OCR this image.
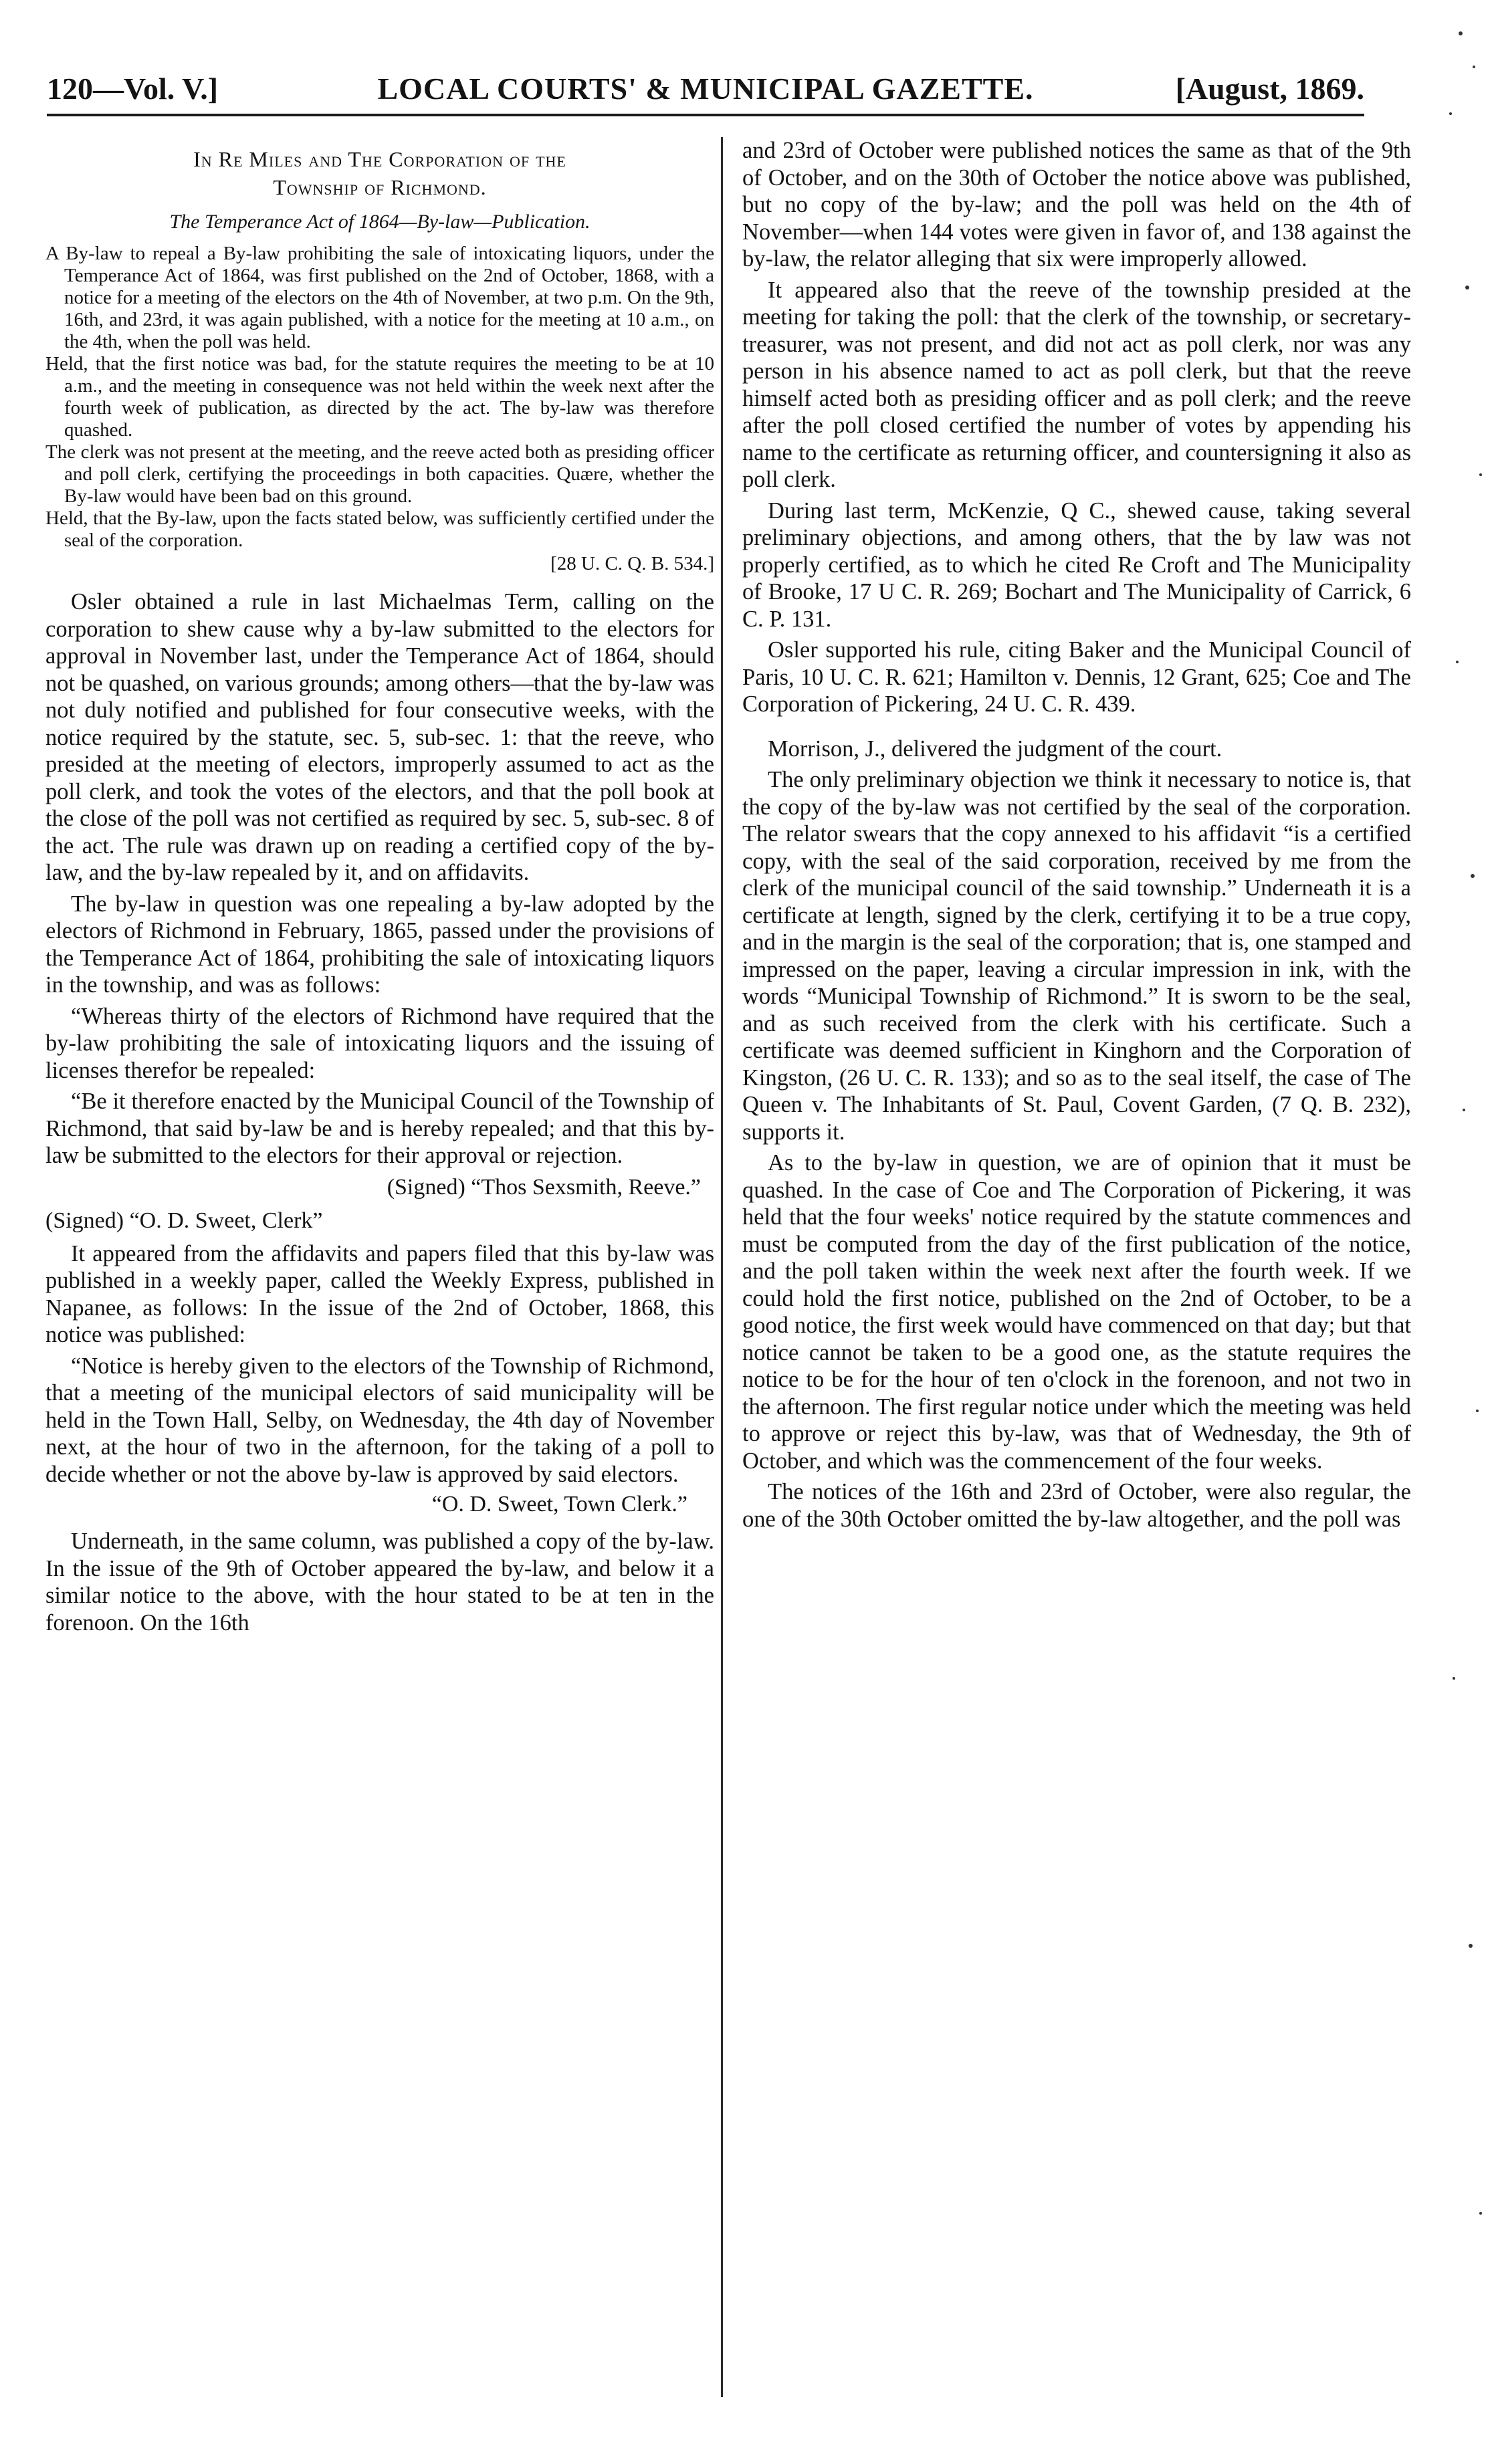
LOCAL COURTS' & MUNICIPAL GAZETTE.
120—Vol. V.]	[August, 1869.
In Re Miles and The Corporation of the
Township of Richmond.
The Temperance Act of 1864—By-law—Publication.

A By-law to repeal a By-law prohibiting the sale of intoxicating liquors, under the Temperance Act of 1864, was first published on the 2nd of October, 1868, with a notice for a meeting of the electors on the 4th of November, at two p.m. On the 9th, 16th, and 23rd, it was again published, with a notice for the meeting at 10 a.m., on the 4th, when the poll was held.

Held, that the first notice was bad, for the statute requires the meeting to be at 10 a.m., and the meeting in consequence was not held within the week next after the fourth week of publication, as directed by the act. The by-law was therefore quashed.

The clerk was not present at the meeting, and the reeve acted both as presiding officer and poll clerk, certifying the proceedings in both capacities. Quære, whether the By-law would have been bad on this ground.

Held, that the By-law, upon the facts stated below, was sufficiently certified under the seal of the corporation.

[28 U. C. Q. B. 534.]

Osler obtained a rule in last Michaelmas Term, calling on the corporation to shew cause why a by-law submitted to the electors for approval in November last, under the Temperance Act of 1864, should not be quashed, on various grounds; among others—that the by-law was not duly notified and published for four consecutive weeks, with the notice required by the statute, sec. 5, sub-sec. 1: that the reeve, who presided at the meeting of electors, improperly assumed to act as the poll clerk, and took the votes of the electors, and that the poll book at the close of the poll was not certified as required by sec. 5, sub-sec. 8 of the act. The rule was drawn up on reading a certified copy of the by-law, and the by-law repealed by it, and on affidavits.

The by-law in question was one repealing a by-law adopted by the electors of Richmond in February, 1865, passed under the provisions of the Temperance Act of 1864, prohibiting the sale of intoxicating liquors in the township, and was as follows:

“Whereas thirty of the electors of Richmond have required that the by-law prohibiting the sale of intoxicating liquors and the issuing of licenses therefor be repealed:

“Be it therefore enacted by the Municipal Council of the Township of Richmond, that said by-law be and is hereby repealed; and that this by-law be submitted to the electors for their approval or rejection.

(Signed) “Thos Sexsmith, Reeve.”
(Signed) “O. D. Sweet, Clerk”

It appeared from the affidavits and papers filed that this by-law was published in a weekly paper, called the Weekly Express, published in Napanee, as follows: In the issue of the 2nd of October, 1868, this notice was published:

“Notice is hereby given to the electors of the Township of Richmond, that a meeting of the municipal electors of said municipality will be held in the Town Hall, Selby, on Wednesday, the 4th day of November next, at the hour of two in the afternoon, for the taking of a poll to decide whether or not the above by-law is approved by said electors.

“O. D. Sweet, Town Clerk.”

Underneath, in the same column, was published a copy of the by-law. In the issue of the 9th of October appeared the by-law, and below it a similar notice to the above, with the hour stated to be at ten in the forenoon. On the 16th

and 23rd of October were published notices the same as that of the 9th of October, and on the 30th of October the notice above was published, but no copy of the by-law; and the poll was held on the 4th of November—when 144 votes were given in favor of, and 138 against the by-law, the relator alleging that six were improperly allowed.

It appeared also that the reeve of the township presided at the meeting for taking the poll: that the clerk of the township, or secretary-treasurer, was not present, and did not act as poll clerk, nor was any person in his absence named to act as poll clerk, but that the reeve himself acted both as presiding officer and as poll clerk; and the reeve after the poll closed certified the number of votes by appending his name to the certificate as returning officer, and countersigning it also as poll clerk.

During last term, McKenzie, Q C., shewed cause, taking several preliminary objections, and among others, that the by law was not properly certified, as to which he cited Re Croft and The Municipality of Brooke, 17 U C. R. 269; Bochart and The Municipality of Carrick, 6 C. P. 131.

Osler supported his rule, citing Baker and the Municipal Council of Paris, 10 U. C. R. 621; Hamilton v. Dennis, 12 Grant, 625; Coe and The Corporation of Pickering, 24 U. C. R. 439.

Morrison, J., delivered the judgment of the court.

The only preliminary objection we think it necessary to notice is, that the copy of the by-law was not certified by the seal of the corporation. The relator swears that the copy annexed to his affidavit “is a certified copy, with the seal of the said corporation, received by me from the clerk of the municipal council of the said township.” Underneath it is a certificate at length, signed by the clerk, certifying it to be a true copy, and in the margin is the seal of the corporation; that is, one stamped and impressed on the paper, leaving a circular impression in ink, with the words “Municipal Township of Richmond.” It is sworn to be the seal, and as such received from the clerk with his certificate. Such a certificate was deemed sufficient in Kinghorn and the Corporation of Kingston, (26 U. C. R. 133); and so as to the seal itself, the case of The Queen v. The Inhabitants of St. Paul, Covent Garden, (7 Q. B. 232), supports it.

As to the by-law in question, we are of opinion that it must be quashed. In the case of Coe and The Corporation of Pickering, it was held that the four weeks' notice required by the statute commences and must be computed from the day of the first publication of the notice, and the poll taken within the week next after the fourth week. If we could hold the first notice, published on the 2nd of October, to be a good notice, the first week would have commenced on that day; but that notice cannot be taken to be a good one, as the statute requires the notice to be for the hour of ten o'clock in the forenoon, and not two in the afternoon. The first regular notice under which the meeting was held to approve or reject this by-law, was that of Wednesday, the 9th of October, and which was the commencement of the four weeks.

The notices of the 16th and 23rd of October, were also regular, the one of the 30th October omitted the by-law altogether, and the poll was
